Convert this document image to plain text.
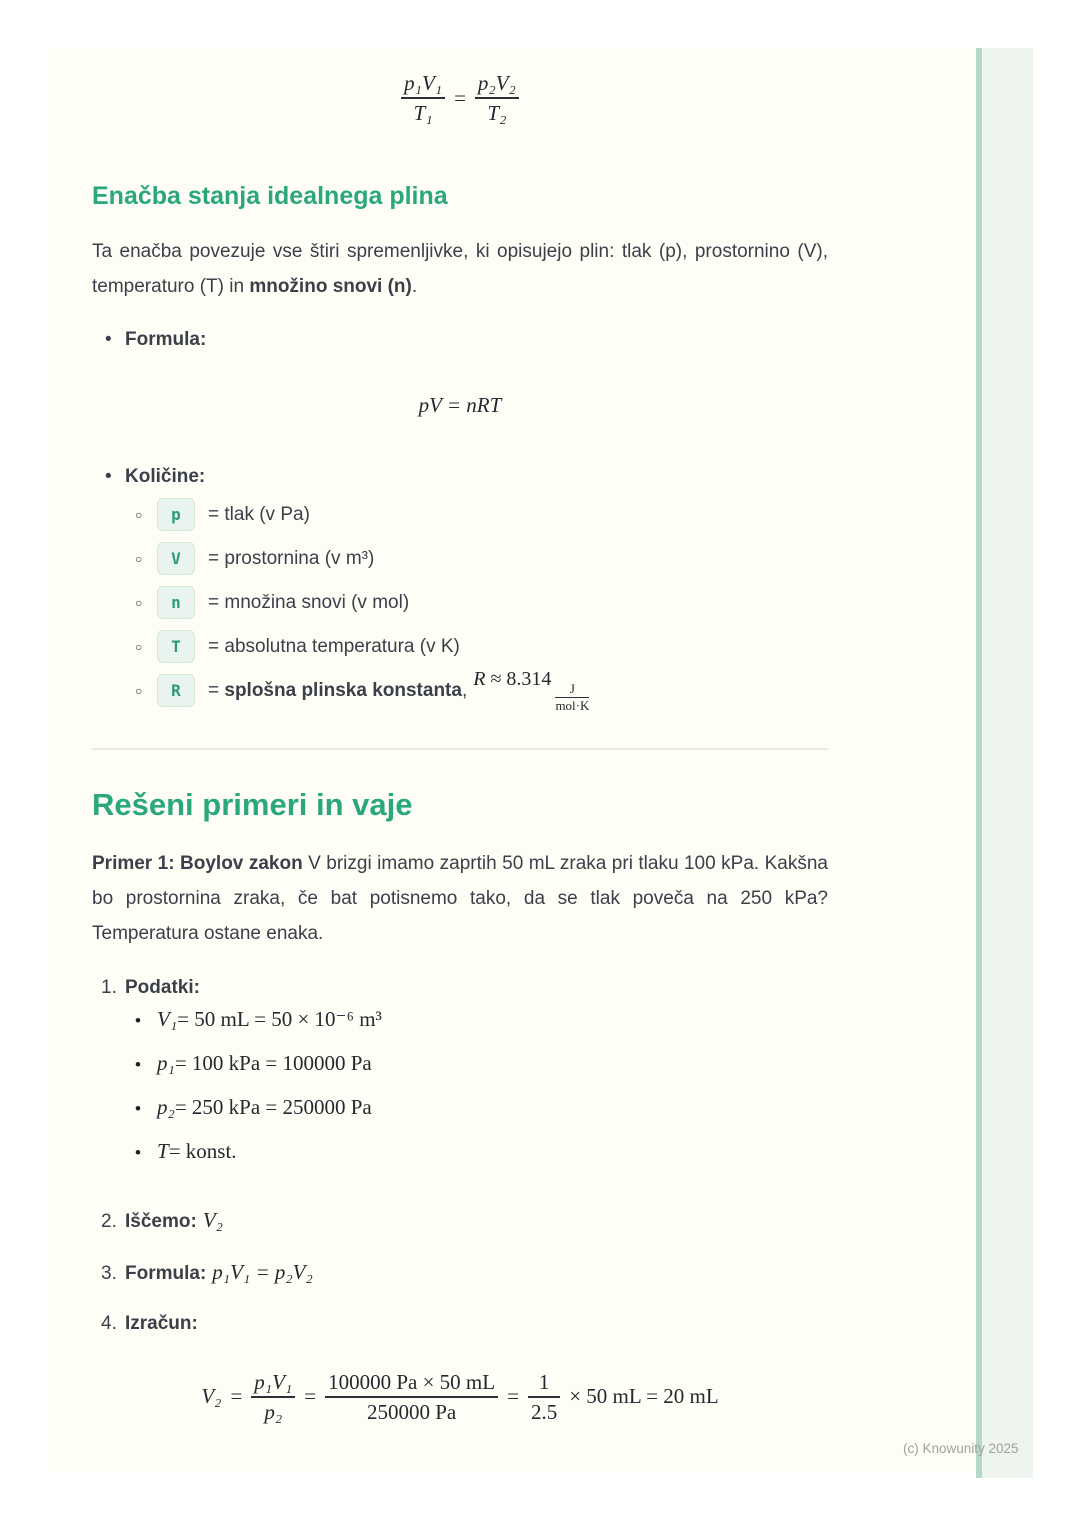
$\frac{\text{p₁V₁}}{\text{T₁}} = \frac{\text{p₂V₂}}{\text{T₂}}$
Enačba stanja idealnega plina

Ta enačba povezuje vse štiri spremenljivke, ki opisujejo plin: tlak (p), prostornino (V), temperaturo (T) in množino snovi (n).

• Formula:
pV = nRT
• Količine:
○	p	= tlak (v Pa)
○	V	= prostornina (v m³)
○	n	= množina snovi (v mol)
○	T	= absolutna temperatura (v K)
○	R	= splošna plinska konstanta,
R ≈ 8.314
$\frac{J}{\text{mol·K}}$
Rešeni primeri in vaje

Primer 1: Boylov zakon V brizgi imamo zaprtih 50 mL zraka pri tlaku 100 kPa. Kakšna bo prostornina zraka, če bat potisnemo tako, da se tlak poveča na 250 kPa? Temperatura ostane enaka.

1. Podatki:
• V₁ = 50 mL = 50 × 10⁻⁶ m³
• p₁ = 100 kPa = 100000 Pa
• p₂ = 250 kPa = 250000 Pa
• T = konst.
2. Iščemo: V₂
3. Formula: p₁V₁ = p₂V₂
4. Izračun:
$V_2 = \frac{\text{p₁V₁}}{\text{p₂}} = \frac{100000 Pa \times 50 mL}{250000 Pa} = \frac{1}{2.5} \times 50$ mL = 20 mL
(c) Knowunity 2025
